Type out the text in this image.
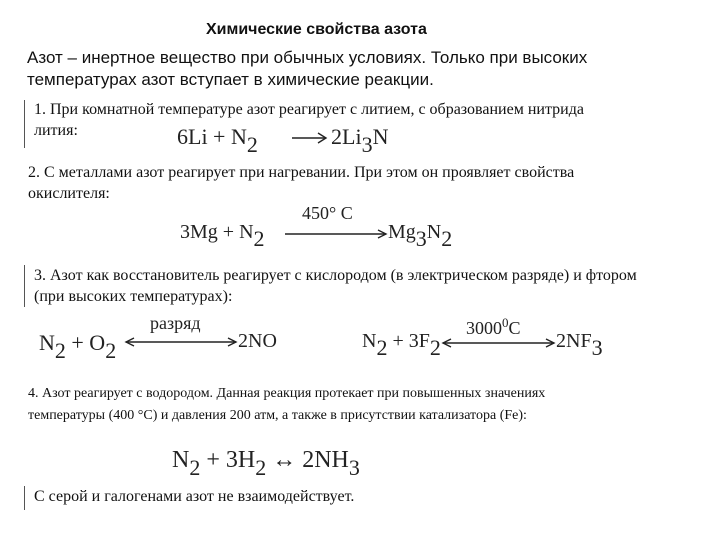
Химические свойства азота
Азот – инертное вещество при обычных условиях. Только при высоких
температурах азот вступает в химические реакции.
1. При комнатной температуре азот реагирует с литием, с образованием нитрида
лития:	$6Li + N_2$	$2Li_3N$
2. С металлами азот реагирует при нагревании. При этом он проявляет свойства
окислителя:
$3Mg + N_2$
450° C
$Mg_3N_2$
3. Азот как восстановитель реагирует с кислородом (в электрическом разряде) и фтором
(при высоких температурах):
$N_2 + O_2$
разряд
2NO	$N_2 + 3F_2$
3000$^0$C
$2NF_3$
4. Азот реагирует с водородом. Данная реакция протекает при повышенных значениях
температуры (400 °С) и давления 200 атм, а также в присутствии катализатора (Fe):
$N_2 + 3H_2$ ↔ $2NH_3$
С серой и галогенами азот не взаимодействует.
